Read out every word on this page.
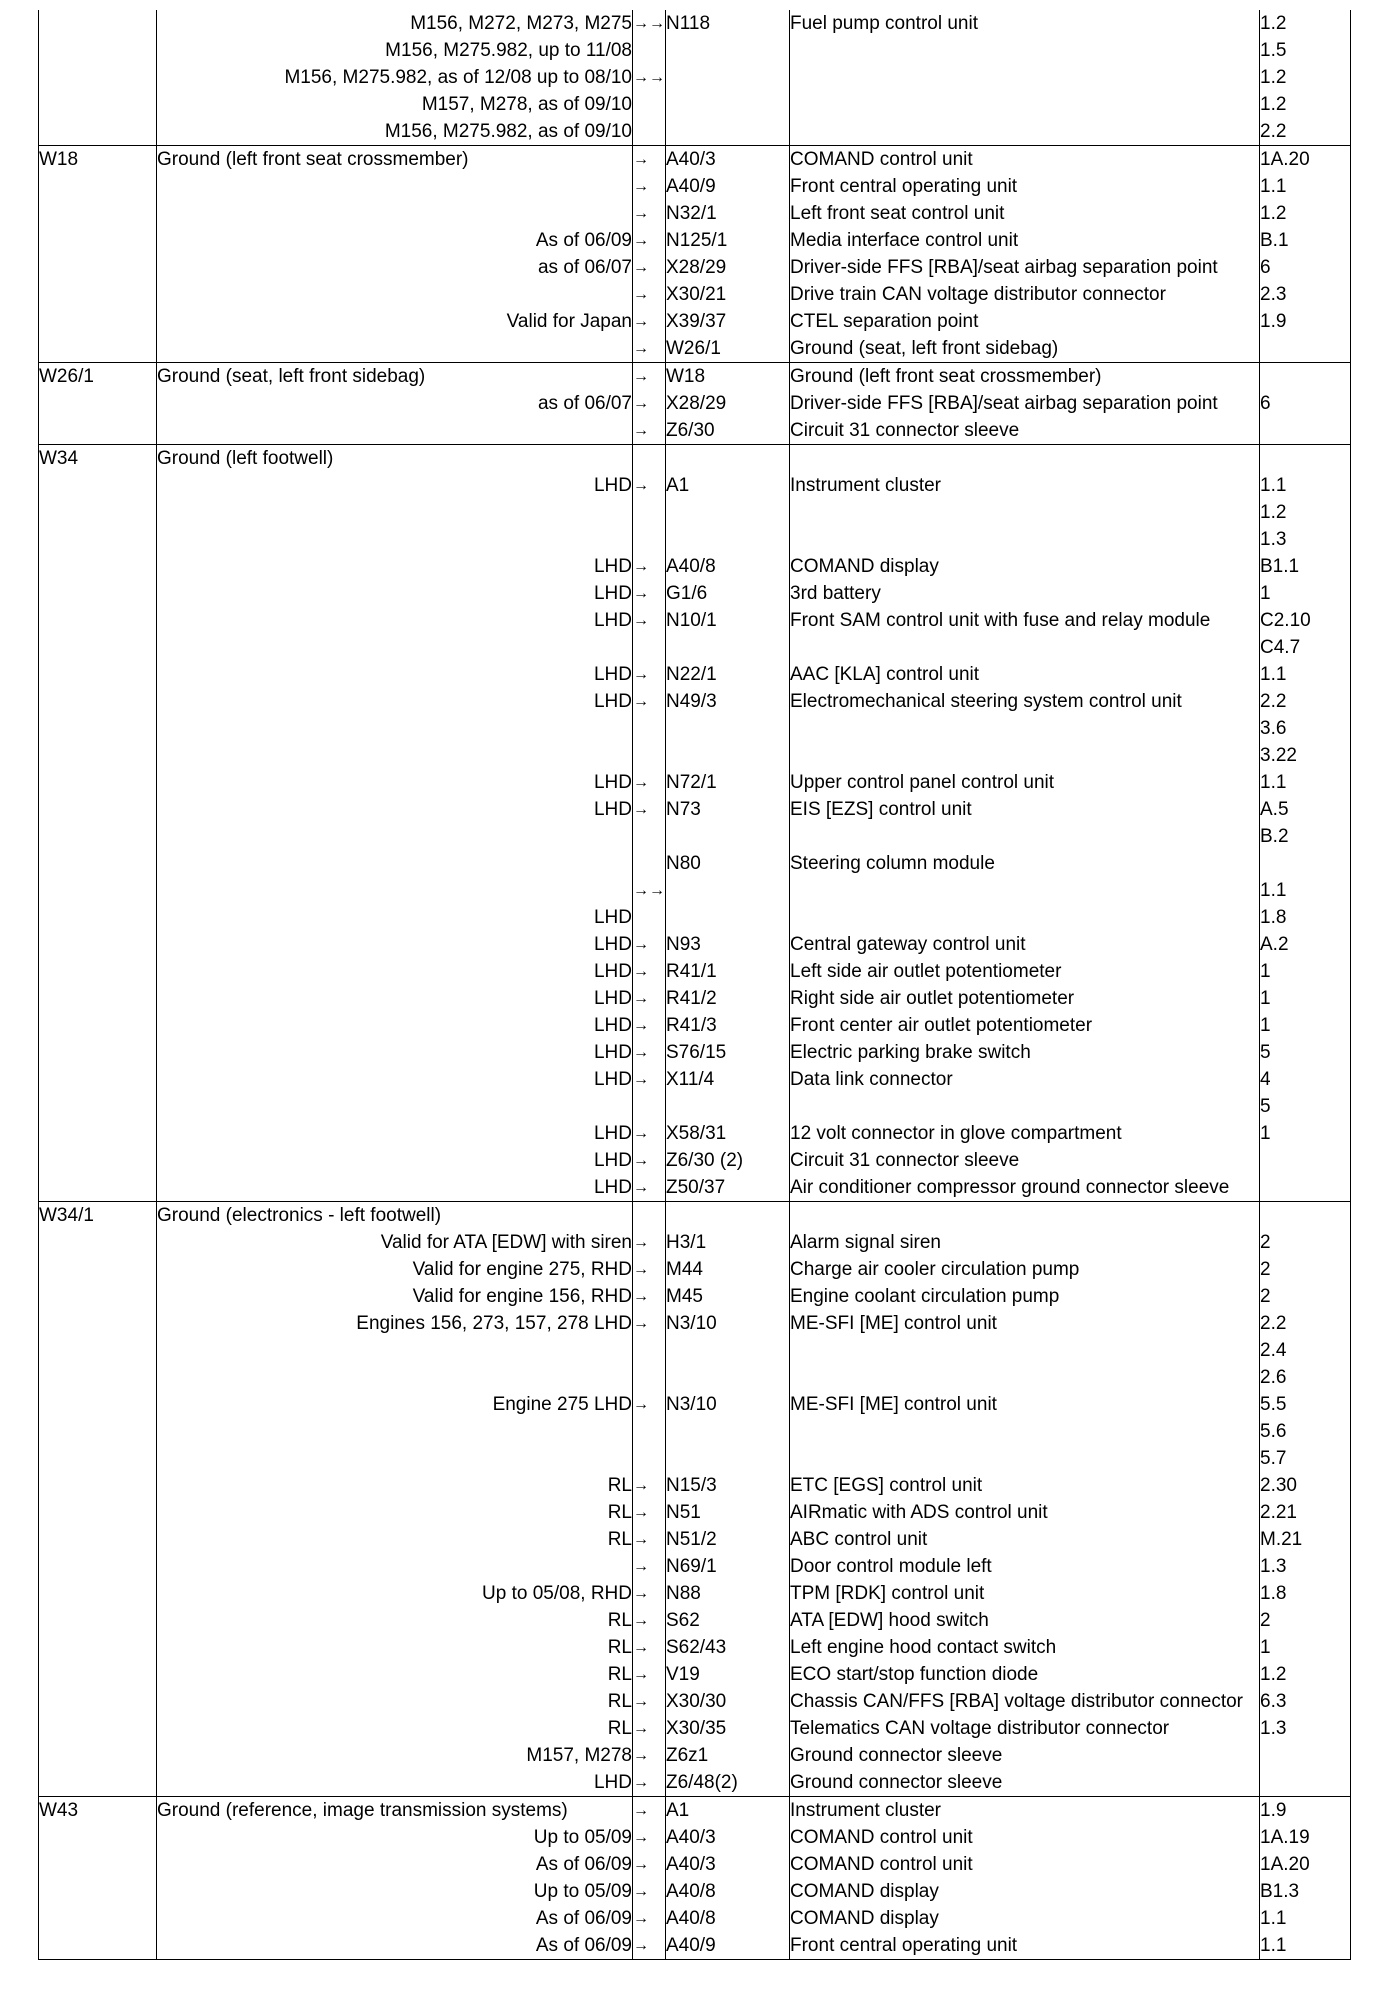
	M156, M272, M273, M275	→→	N118	Fuel pump control unit	1.2
	M156, M275.982, up to 11/08				1.5
	M156, M275.982, as of 12/08 up to 08/10	→→			1.2
	M157, M278, as of 09/10				1.2
	M156, M275.982, as of 09/10				2.2
W18	Ground (left front seat crossmember)	→	A40/3	COMAND control unit	1A.20
		→	A40/9	Front central operating unit	1.1
		→	N32/1	Left front seat control unit	1.2
	As of 06/09	→	N125/1	Media interface control unit	B.1
	as of 06/07	→	X28/29	Driver-side FFS [RBA]/seat airbag separation point	6
		→	X30/21	Drive train CAN voltage distributor connector	2.3
	Valid for Japan	→	X39/37	CTEL separation point	1.9
		→	W26/1	Ground (seat, left front sidebag)	
W26/1	Ground (seat, left front sidebag)	→	W18	Ground (left front seat crossmember)	
	as of 06/07	→	X28/29	Driver-side FFS [RBA]/seat airbag separation point	6
		→	Z6/30	Circuit 31 connector sleeve	
W34	Ground (left footwell)				
	LHD	→	A1	Instrument cluster	1.1
1.2
1.3

	LHD	→	A40/8	COMAND display	B1.1
	LHD	→	G1/6	3rd battery	1
	LHD	→	N10/1	Front SAM control unit with fuse and relay module	C2.10
C4.7

	LHD	→	N22/1	AAC [KLA] control unit	1.1
	LHD	→	N49/3	Electromechanical steering system control unit	2.2
3.6
3.22

	LHD	→	N72/1	Upper control panel control unit	1.1
	LHD	→	N73	EIS [EZS] control unit	A.5
B.2

			N80	Steering column module	
		→→			1.1
	LHD				1.8
	LHD	→	N93	Central gateway control unit	A.2
	LHD	→	R41/1	Left side air outlet potentiometer	1
	LHD	→	R41/2	Right side air outlet potentiometer	1
	LHD	→	R41/3	Front center air outlet potentiometer	1
	LHD	→	S76/15	Electric parking brake switch	5
	LHD	→	X11/4	Data link connector	4
5

	LHD	→	X58/31	12 volt connector in glove compartment	1
	LHD	→	Z6/30 (2)	Circuit 31 connector sleeve	
	LHD	→	Z50/37	Air conditioner compressor ground connector sleeve	
W34/1	Ground (electronics - left footwell)				
	Valid for ATA [EDW] with siren	→	H3/1	Alarm signal siren	2
	Valid for engine 275, RHD	→	M44	Charge air cooler circulation pump	2
	Valid for engine 156, RHD	→	M45	Engine coolant circulation pump	2
	Engines 156, 273, 157, 278 LHD	→	N3/10	ME-SFI [ME] control unit	2.2
2.4
2.6

	Engine 275 LHD	→	N3/10	ME-SFI [ME] control unit	5.5
5.6
5.7

	RL	→	N15/3	ETC [EGS] control unit	2.30
	RL	→	N51	AIRmatic with ADS control unit	2.21
	RL	→	N51/2	ABC control unit	M.21
		→	N69/1	Door control module left	1.3
	Up to 05/08, RHD	→	N88	TPM [RDK] control unit	1.8
	RL	→	S62	ATA [EDW] hood switch	2
	RL	→	S62/43	Left engine hood contact switch	1
	RL	→	V19	ECO start/stop function diode	1.2
	RL	→	X30/30	Chassis CAN/FFS [RBA] voltage distributor connector	6.3
	RL	→	X30/35	Telematics CAN voltage distributor connector	1.3
	M157, M278	→	Z6z1	Ground connector sleeve	
	LHD	→	Z6/48(2)	Ground connector sleeve	
W43	Ground (reference, image transmission systems)	→	A1	Instrument cluster	1.9
	Up to 05/09	→	A40/3	COMAND control unit	1A.19
	As of 06/09	→	A40/3	COMAND control unit	1A.20
	Up to 05/09	→	A40/8	COMAND display	B1.3
	As of 06/09	→	A40/8	COMAND display	1.1
	As of 06/09	→	A40/9	Front central operating unit	1.1
